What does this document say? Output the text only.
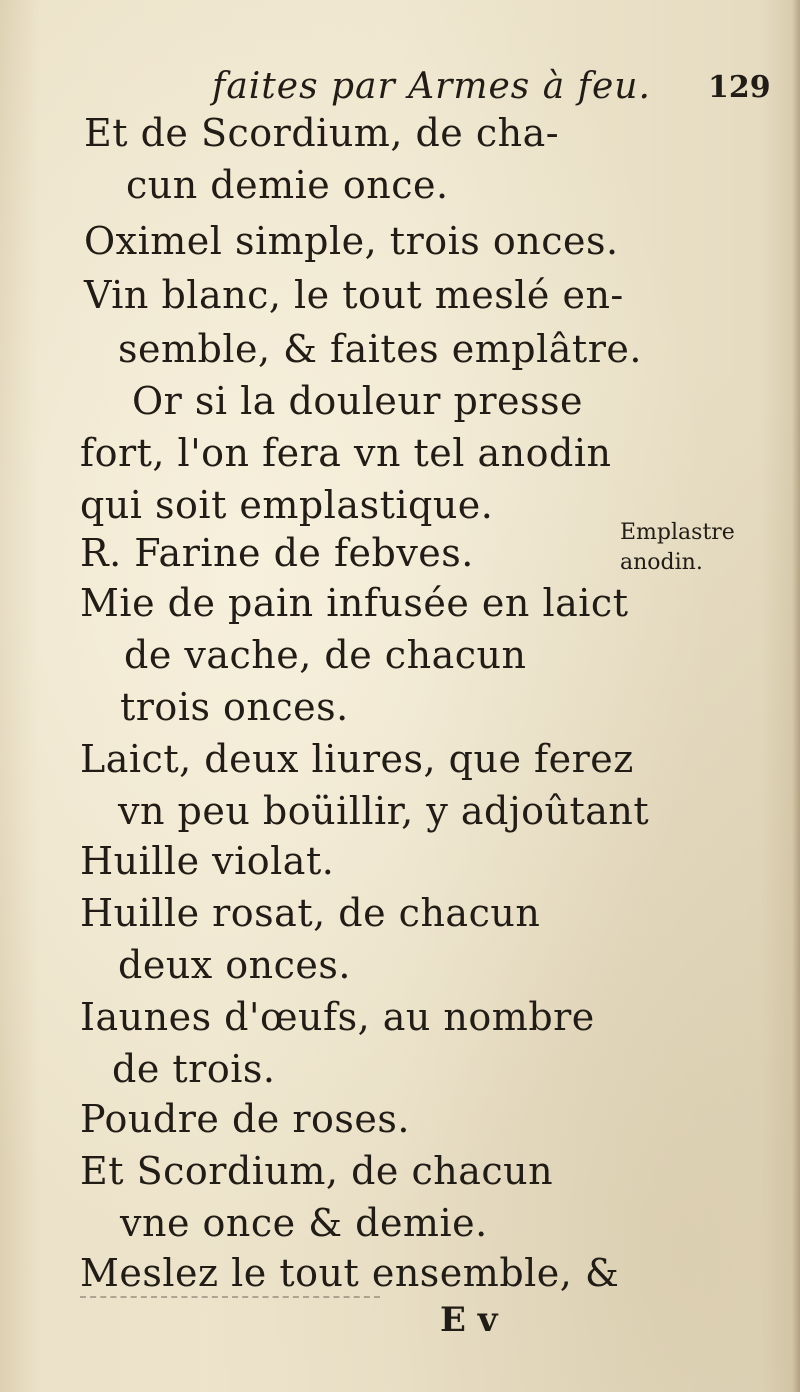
faites par Armes à feu. 129
Et de Scordium, de cha-
cun demie once.
Oximel simple, trois onces.
Vin blanc, le tout meslé en-
semble, & faites emplâtre.
Or si la douleur presse
fort, l'on fera vn tel anodin
qui soit emplastique.
R. Farine de febves.
Mie de pain infusée en laict
de vache, de chacun
trois onces.
Laict, deux liures, que ferez
vn peu boüillir, y adjoûtant
Huille violat.
Huille rosat, de chacun
deux onces.
Iaunes d'œufs, au nombre
de trois.
Poudre de roses.
Et Scordium, de chacun
vne once & demie.
Meslez le tout ensemble, &
Emplastre
anodin.
E v
